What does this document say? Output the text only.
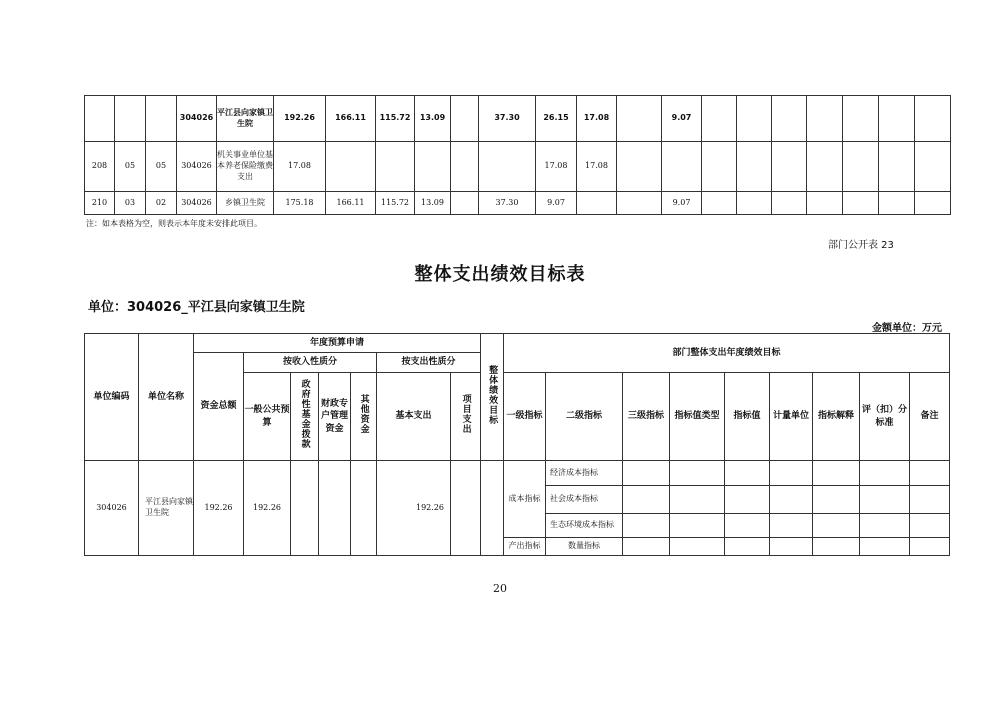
			304026	平江县向家镇卫生院	192.26	166.11	115.72	13.09		37.30	26.15	17.08		9.07							
208	05	05	304026	机关事业单位基本养老保险缴费支出	17.08						17.08	17.08									
210	03	02	304026	乡镇卫生院	175.18	166.11	115.72	13.09		37.30	9.07			9.07							
注：如本表格为空，则表示本年度未安排此项目。
部门公开表 23
整体支出绩效目标表
单位：304026_平江县向家镇卫生院
金额单位：万元
单位编码	单位名称	年度预算申请							整体绩效目标	部门整体支出年度绩效目标								
		资金总额	按收入性质分				按支出性质分											
			一般公共预算	政府性基金拨款	财政专户管理资金	其他资金	基本支出	项目支出		一级指标	二级指标	三级指标	指标值类型	指标值	计量单位	指标解释	评（扣）分标准	备注
304026	平江县向家镇卫生院	192.26	192.26				192.26			成本指标	经济成本指标							
											社会成本指标							
											生态环境成本指标							
										产出指标	数量指标							
20
